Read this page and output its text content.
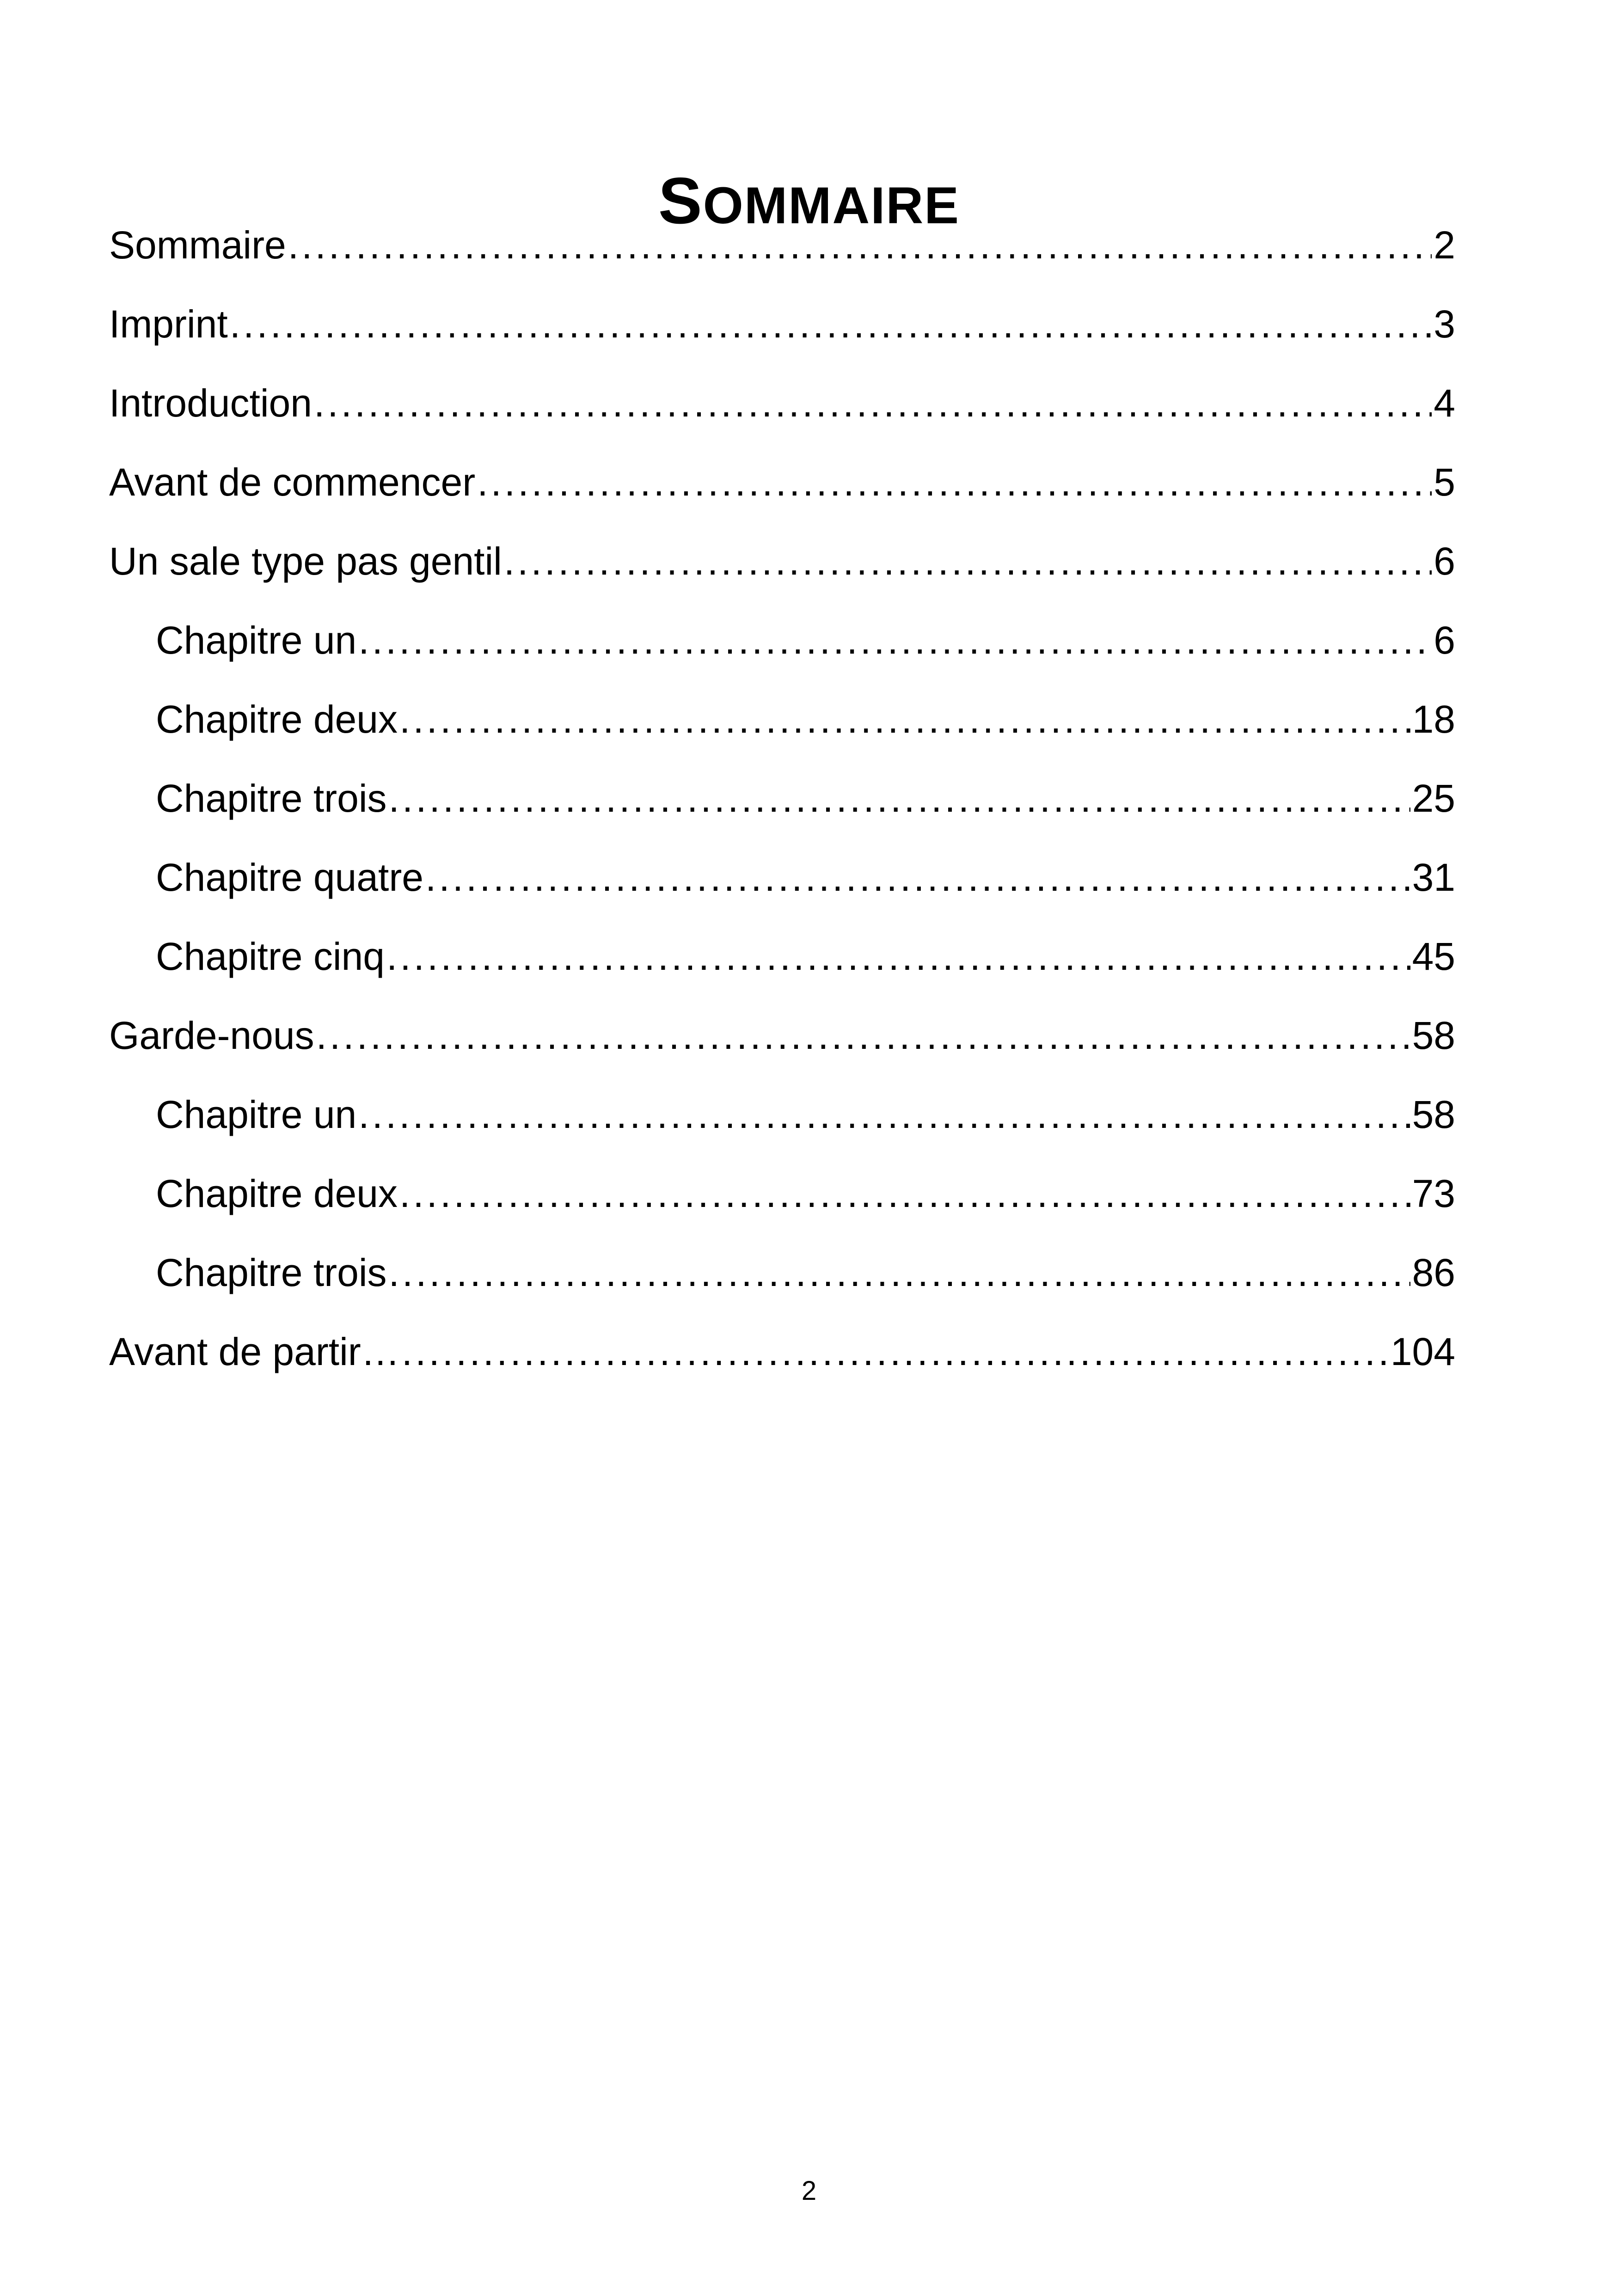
SOMMAIRE
Sommaire .....	2
Imprint .....	3
Introduction .....	4
Avant de commencer .....	5
Un sale type pas gentil .....	6
Chapitre un .....	6
Chapitre deux .....	18
Chapitre trois .....	25
Chapitre quatre .....	31
Chapitre cinq .....	45
Garde-nous .....	58
Chapitre un .....	58
Chapitre deux .....	73
Chapitre trois .....	86
Avant de partir… .....	104
2
